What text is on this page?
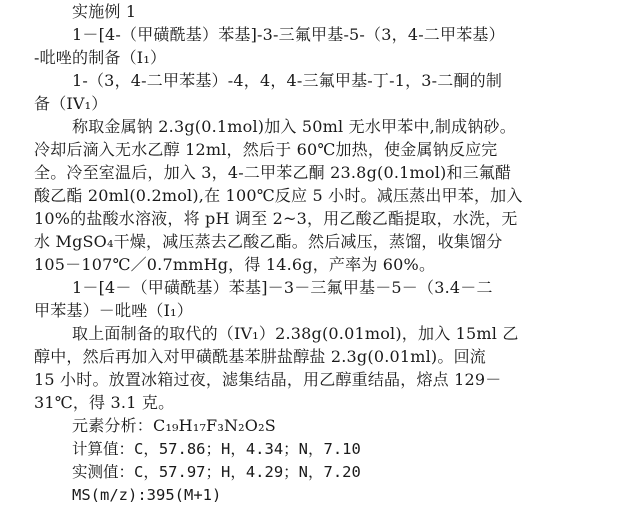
实施例 1
1－[4-（甲磺酰基）苯基]-3-三氟甲基-5-（3，4-二甲苯基）
-吡唑的制备（I₁）
1-（3，4-二甲苯基）-4，4，4-三氟甲基-丁-1，3-二酮的制
备（IV₁）
称取金属钠 2.3g(0.1mol)加入 50ml 无水甲苯中,制成钠砂。
冷却后滴入无水乙醇 12ml，然后于 60℃加热，使金属钠反应完
全。冷至室温后，加入 3，4-二甲苯乙酮 23.8g(0.1mol)和三氟醋
酸乙酯 20ml(0.2mol),在 100℃反应 5 小时。减压蒸出甲苯，加入
10%的盐酸水溶液，将 pH 调至 2~3，用乙酸乙酯提取，水洗，无
水 MgSO₄干燥，减压蒸去乙酸乙酯。然后减压，蒸馏，收集馏分
105－107℃／0.7mmHg，得 14.6g，产率为 60%。
1－[4－（甲磺酰基）苯基]－3－三氟甲基－5－（3.4－二
甲苯基）－吡唑（I₁）
取上面制备的取代的（IV₁）2.38g(0.01mol)，加入 15ml 乙
醇中，然后再加入对甲磺酰基苯肼盐醇盐 2.3g(0.01ml)。回流
15 小时。放置冰箱过夜，滤集结晶，用乙醇重结晶，熔点 129－
31℃，得 3.1 克。
元素分析：C₁₉H₁₇F₃N₂O₂S
计算值：C，57.86；H，4.34；N，7.10
实测值：C，57.97；H，4.29；N，7.20
MS(m/z):395(M+1)
